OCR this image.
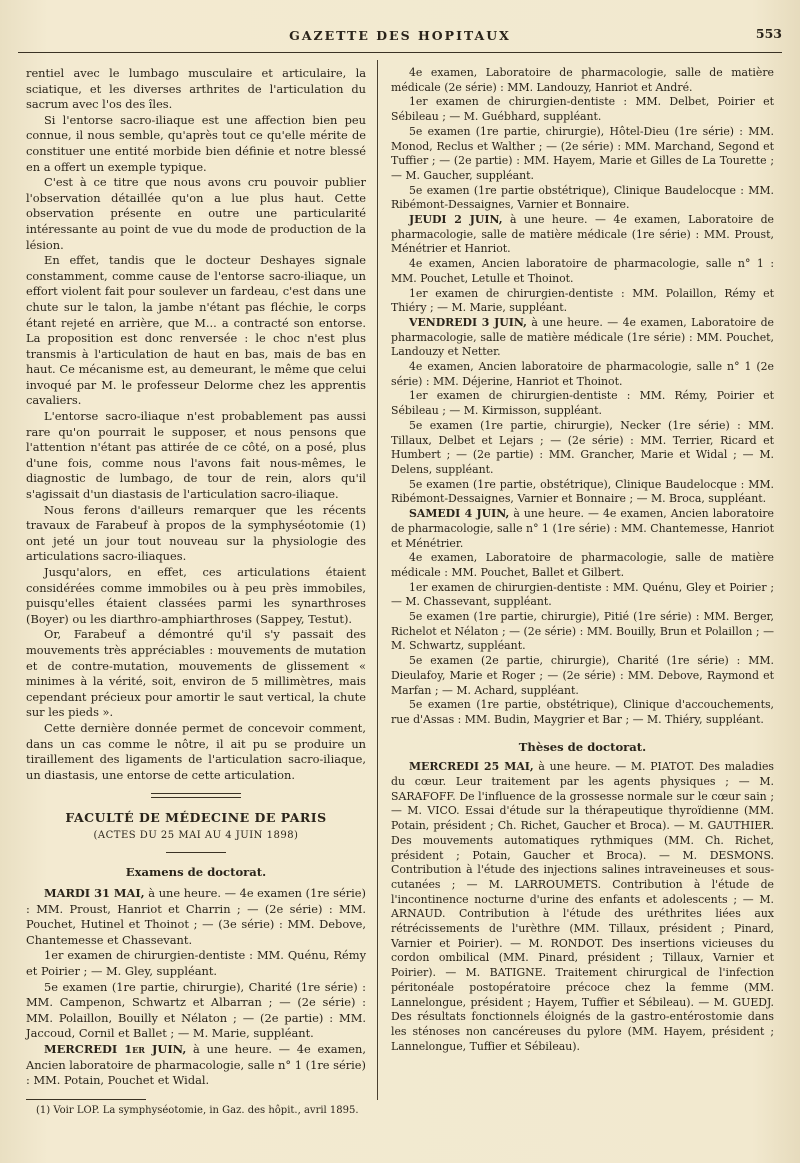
GAZETTE DES HOPITAUX	553

rentiel avec le lumbago musculaire et articulaire, la sciatique, et les diverses arthrites de l'articulation du sacrum avec l'os des îles.

Si l'entorse sacro-iliaque est une affection bien peu connue, il nous semble, qu'après tout ce qu'elle mérite de constituer une entité morbide bien définie et notre blessé en a offert un exemple typique.

C'est à ce titre que nous avons cru pouvoir publier l'observation détaillée qu'on a lue plus haut. Cette observation présente en outre une particularité intéressante au point de vue du mode de production de la lésion.

En effet, tandis que le docteur Deshayes signale constamment, comme cause de l'entorse sacro-iliaque, un effort violent fait pour soulever un fardeau, c'est dans une chute sur le talon, la jambe n'étant pas fléchie, le corps étant rejeté en arrière, que M... a contracté son entorse. La proposition est donc renversée : le choc n'est plus transmis à l'articulation de haut en bas, mais de bas en haut. Ce mécanisme est, au demeurant, le même que celui invoqué par M. le professeur Delorme chez les apprentis cavaliers.

L'entorse sacro-iliaque n'est probablement pas aussi rare qu'on pourrait le supposer, et nous pensons que l'attention n'étant pas attirée de ce côté, on a posé, plus d'une fois, comme nous l'avons fait nous-mêmes, le diagnostic de lumbago, de tour de rein, alors qu'il s'agissait d'un diastasis de l'articulation sacro-iliaque.

Nous ferons d'ailleurs remarquer que les récents travaux de Farabeuf à propos de la symphyséotomie (1) ont jeté un jour tout nouveau sur la physiologie des articulations sacro-iliaques.

Jusqu'alors, en effet, ces articulations étaient considérées comme immobiles ou à peu près immobiles, puisqu'elles étaient classées parmi les synarthroses (Boyer) ou les diarthro-amphiarthroses (Sappey, Testut).

Or, Farabeuf a démontré qu'il s'y passait des mouvements très appréciables : mouvements de mutation et de contre-mutation, mouvements de glissement « minimes à la vérité, soit, environ de 5 millimètres, mais cependant précieux pour amortir le saut vertical, la chute sur les pieds ».

Cette dernière donnée permet de concevoir comment, dans un cas comme le nôtre, il ait pu se produire un tiraillement des ligaments de l'articulation sacro-iliaque, un diastasis, une entorse de cette articulation.

FACULTÉ DE MÉDECINE DE PARIS
(ACTES DU 25 MAI AU 4 JUIN 1898)
Examens de doctorat.

MARDI 31 MAI, à une heure. — 4e examen (1re série) : MM. Proust, Hanriot et Charrin ; — (2e série) : MM. Pouchet, Hutinel et Thoinot ; — (3e série) : MM. Debove, Chantemesse et Chassevant.

1er examen de chirurgien-dentiste : MM. Quénu, Rémy et Poirier ; — M. Gley, suppléant.

5e examen (1re partie, chirurgie), Charité (1re série) : MM. Campenon, Schwartz et Albarran ; — (2e série) : MM. Polaillon, Bouilly et Nélaton ; — (2e partie) : MM. Jaccoud, Cornil et Ballet ; — M. Marie, suppléant.

MERCREDI 1er JUIN, à une heure. — 4e examen, Ancien laboratoire de pharmacologie, salle n° 1 (1re série) : MM. Potain, Pouchet et Widal.

(1) Voir LOP. La symphyséotomie, in Gaz. des hôpit., avril 1895.

4e examen, Laboratoire de pharmacologie, salle de matière médicale (2e série) : MM. Landouzy, Hanriot et André.

1er examen de chirurgien-dentiste : MM. Delbet, Poirier et Sébileau ; — M. Guébhard, suppléant.

5e examen (1re partie, chirurgie), Hôtel-Dieu (1re série) : MM. Monod, Reclus et Walther ; — (2e série) : MM. Marchand, Segond et Tuffier ; — (2e partie) : MM. Hayem, Marie et Gilles de La Tourette ; — M. Gaucher, suppléant.

5e examen (1re partie obstétrique), Clinique Baudelocque : MM. Ribémont-Dessaignes, Varnier et Bonnaire.

JEUDI 2 JUIN, à une heure. — 4e examen, Laboratoire de pharmacologie, salle de matière médicale (1re série) : MM. Proust, Ménétrier et Hanriot.

4e examen, Ancien laboratoire de pharmacologie, salle n° 1 : MM. Pouchet, Letulle et Thoinot.

1er examen de chirurgien-dentiste : MM. Polaillon, Rémy et Thiéry ; — M. Marie, suppléant.

VENDREDI 3 JUIN, à une heure. — 4e examen, Laboratoire de pharmacologie, salle de matière médicale (1re série) : MM. Pouchet, Landouzy et Netter.

4e examen, Ancien laboratoire de pharmacologie, salle n° 1 (2e série) : MM. Déjerine, Hanriot et Thoinot.

1er examen de chirurgien-dentiste : MM. Rémy, Poirier et Sébileau ; — M. Kirmisson, suppléant.

5e examen (1re partie, chirurgie), Necker (1re série) : MM. Tillaux, Delbet et Lejars ; — (2e série) : MM. Terrier, Ricard et Humbert ; — (2e partie) : MM. Grancher, Marie et Widal ; — M. Delens, suppléant.

5e examen (1re partie, obstétrique), Clinique Baudelocque : MM. Ribémont-Dessaignes, Varnier et Bonnaire ; — M. Broca, suppléant.

SAMEDI 4 JUIN, à une heure. — 4e examen, Ancien laboratoire de pharmacologie, salle n° 1 (1re série) : MM. Chantemesse, Hanriot et Ménétrier.

4e examen, Laboratoire de pharmacologie, salle de matière médicale : MM. Pouchet, Ballet et Gilbert.

1er examen de chirurgien-dentiste : MM. Quénu, Gley et Poirier ; — M. Chassevant, suppléant.

5e examen (1re partie, chirurgie), Pitié (1re série) : MM. Berger, Richelot et Nélaton ; — (2e série) : MM. Bouilly, Brun et Polaillon ; — M. Schwartz, suppléant.

5e examen (2e partie, chirurgie), Charité (1re série) : MM. Dieulafoy, Marie et Roger ; — (2e série) : MM. Debove, Raymond et Marfan ; — M. Achard, suppléant.

5e examen (1re partie, obstétrique), Clinique d'accouchements, rue d'Assas : MM. Budin, Maygrier et Bar ; — M. Thiéry, suppléant.

Thèses de doctorat.

MERCREDI 25 MAI, à une heure. — M. PIATOT. Des maladies du cœur. Leur traitement par les agents physiques ; — M. SARAFOFF. De l'influence de la grossesse normale sur le cœur sain ; — M. VICO. Essai d'étude sur la thérapeutique thyroïdienne (MM. Potain, président ; Ch. Richet, Gaucher et Broca). — M. GAUTHIER. Des mouvements automatiques rythmiques (MM. Ch. Richet, président ; Potain, Gaucher et Broca). — M. DESMONS. Contribution à l'étude des injections salines intraveineuses et sous-cutanées ; — M. LARROUMETS. Contribution à l'étude de l'incontinence nocturne d'urine des enfants et adolescents ; — M. ARNAUD. Contribution à l'étude des uréthrites liées aux rétrécissements de l'urèthre (MM. Tillaux, président ; Pinard, Varnier et Poirier). — M. RONDOT. Des insertions vicieuses du cordon ombilical (MM. Pinard, président ; Tillaux, Varnier et Poirier). — M. BATIGNE. Traitement chirurgical de l'infection péritonéale postopératoire précoce chez la femme (MM. Lannelongue, président ; Hayem, Tuffier et Sébileau). — M. GUEDJ. Des résultats fonctionnels éloignés de la gastro-entérostomie dans les sténoses non cancéreuses du pylore (MM. Hayem, président ; Lannelongue, Tuffier et Sébileau).
